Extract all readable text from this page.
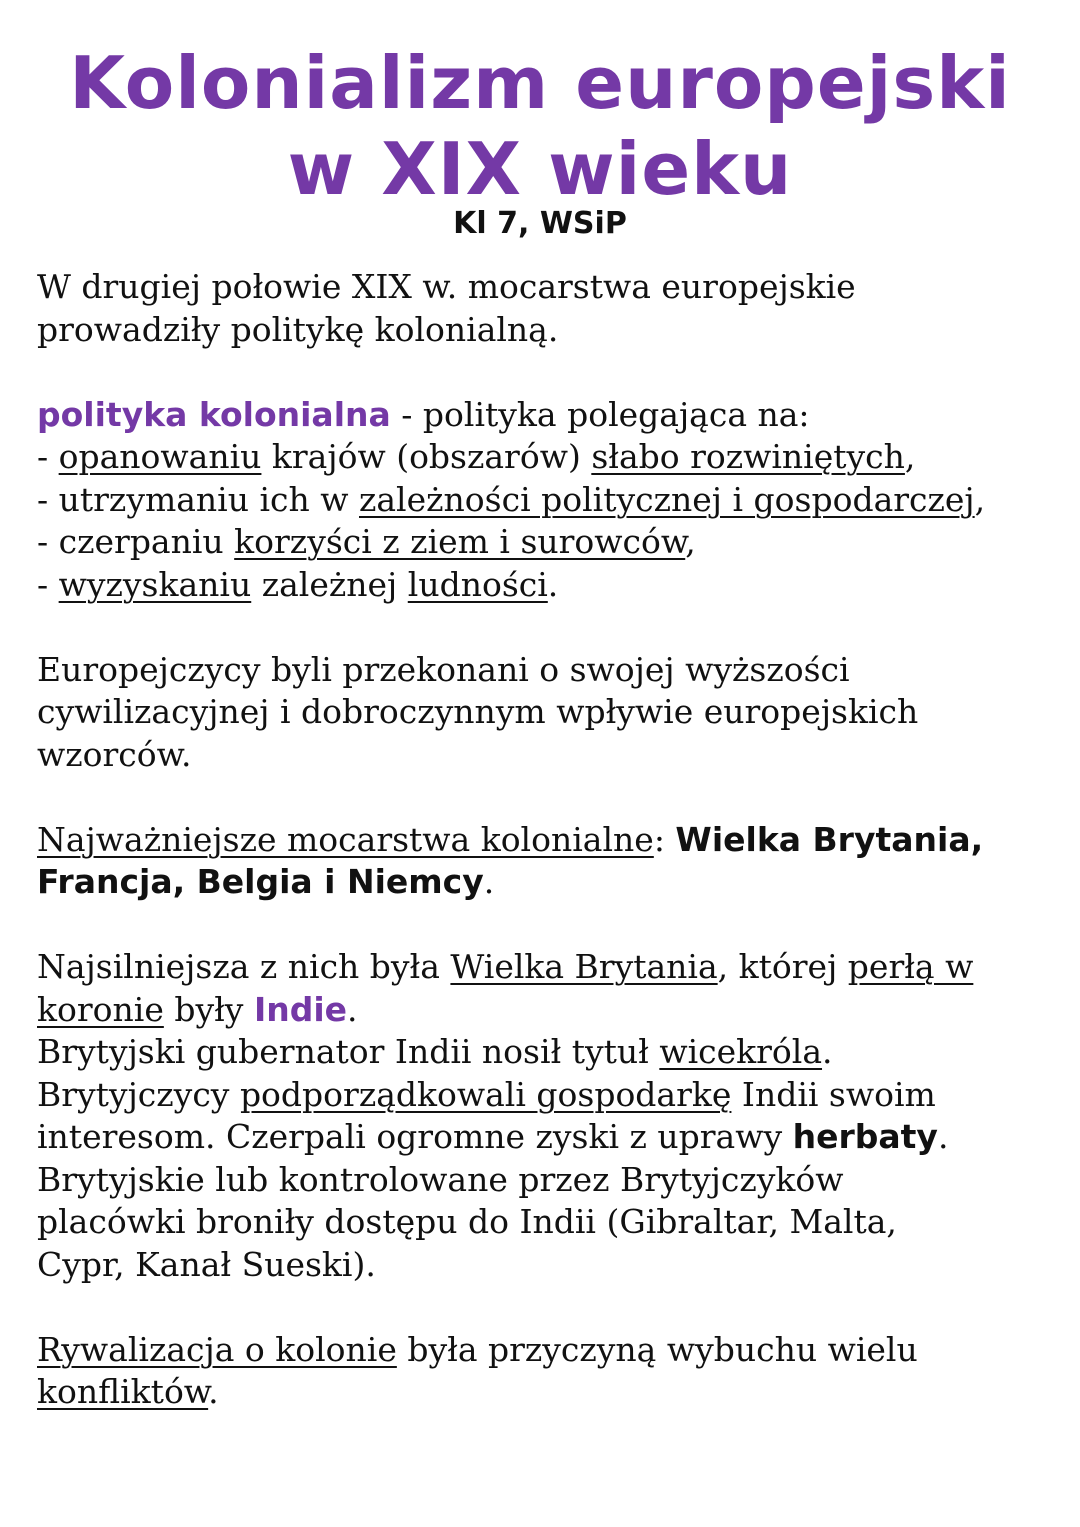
Kolonializm europejski
w XIX wieku
Kl 7, WSiP

W drugiej połowie XIX w. mocarstwa europejskie
prowadziły politykę kolonialną.

polityka kolonialna - polityka polegająca na:

- opanowaniu krajów (obszarów) słabo rozwiniętych,

- utrzymaniu ich w zależności politycznej i gospodarczej,

- czerpaniu korzyści z ziem i surowców,

- wyzyskaniu zależnej ludności.

Europejczycy byli przekonani o swojej wyższości
cywilizacyjnej i dobroczynnym wpływie europejskich
wzorców.

Najważniejsze mocarstwa kolonialne: Wielka Brytania,
Francja, Belgia i Niemcy.

Najsilniejsza z nich była Wielka Brytania, której perłą w
koronie były Indie.
Brytyjski gubernator Indii nosił tytuł wicekróla.
Brytyjczycy podporządkowali gospodarkę Indii swoim
interesom. Czerpali ogromne zyski z uprawy herbaty.
Brytyjskie lub kontrolowane przez Brytyjczyków
placówki broniły dostępu do Indii (Gibraltar, Malta,
Cypr, Kanał Sueski).

Rywalizacja o kolonie była przyczyną wybuchu wielu
konfliktów.
